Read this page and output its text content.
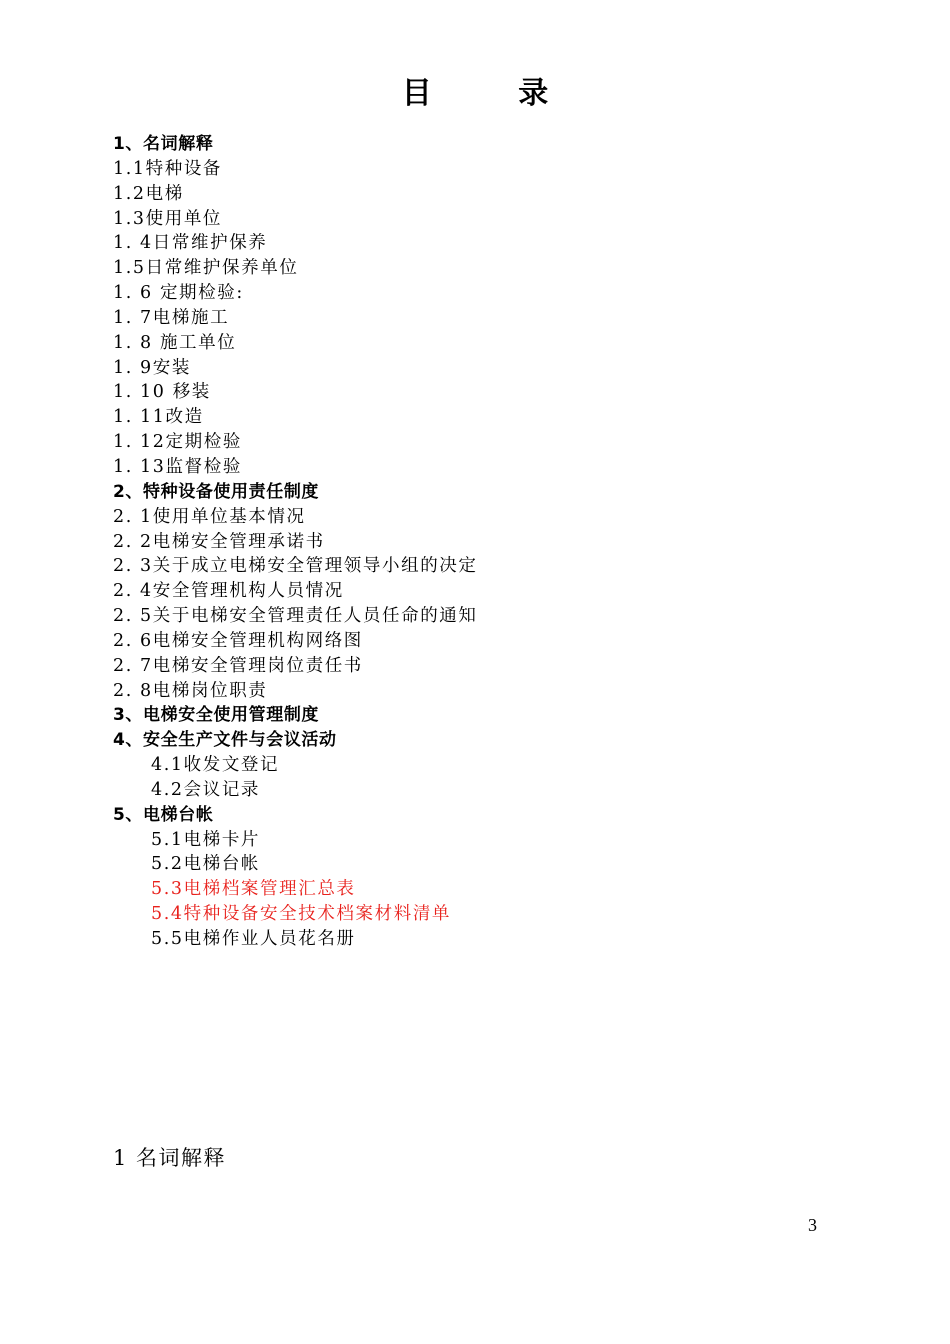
目 录
1、名词解释
1.1特种设备
1.2电梯
1.3使用单位
1. 4日常维护保养
1.5日常维护保养单位
1. 6 定期检验:
1. 7电梯施工
1. 8 施工单位
1. 9安装
1. 10 移装
1. 11改造
1. 12定期检验
1. 13监督检验
2、特种设备使用责任制度
2. 1使用单位基本情况
2. 2电梯安全管理承诺书
2. 3关于成立电梯安全管理领导小组的决定
2. 4安全管理机构人员情况
2. 5关于电梯安全管理责任人员任命的通知
2. 6电梯安全管理机构网络图
2. 7电梯安全管理岗位责任书
2. 8电梯岗位职责
3、电梯安全使用管理制度
4、安全生产文件与会议活动
4.1收发文登记
4.2会议记录
5、电梯台帐
5.1电梯卡片
5.2电梯台帐
5.3电梯档案管理汇总表
5.4特种设备安全技术档案材料清单
5.5电梯作业人员花名册
1 名词解释
3
